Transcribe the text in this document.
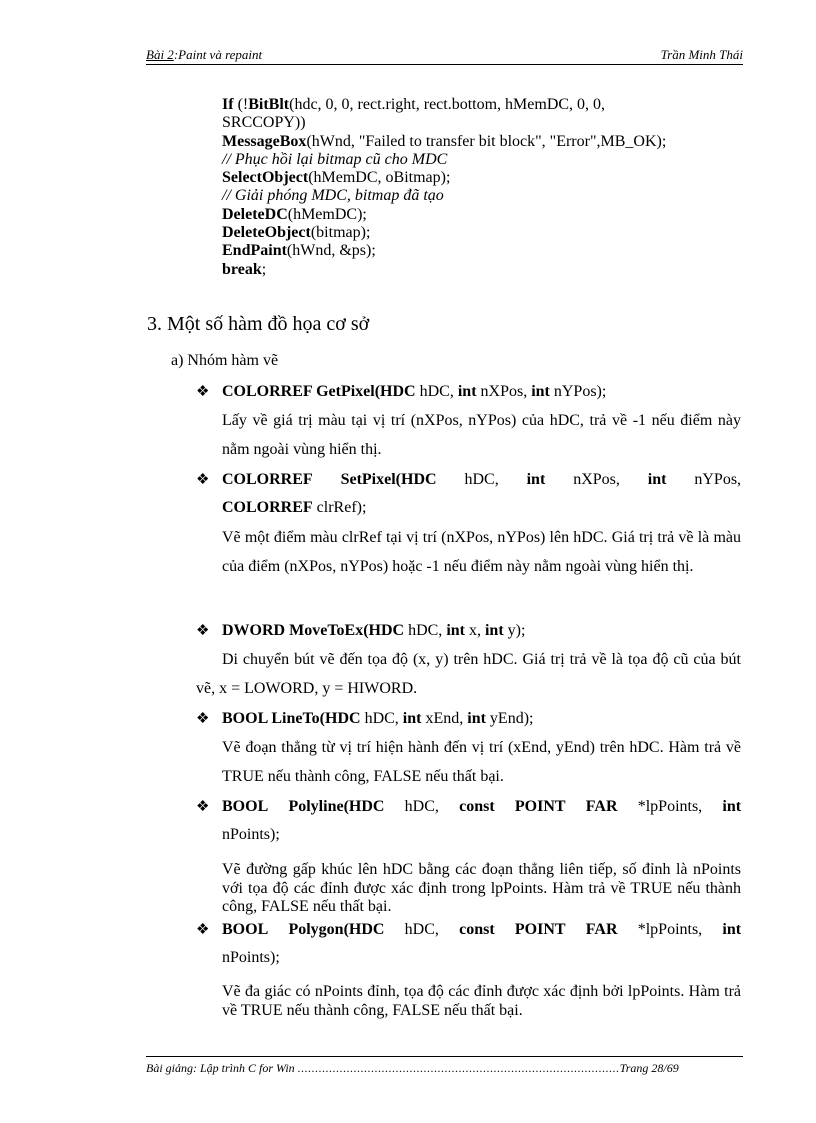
Bài 2:Paint và repaint	Trần Minh Thái
If (!BitBlt(hdc, 0, 0, rect.right, rect.bottom, hMemDC, 0, 0,
SRCCOPY))
MessageBox(hWnd, "Failed to transfer bit block", "Error",MB_OK);
// Phục hồi lại bitmap cũ cho MDC
SelectObject(hMemDC, oBitmap);
// Giải phóng MDC, bitmap đã tạo
DeleteDC(hMemDC);
DeleteObject(bitmap);
EndPaint(hWnd, &ps);
break;
3. Một số hàm đồ họa cơ sở
a) Nhóm hàm vẽ
❖ COLORREF GetPixel(HDC hDC, int nXPos, int nYPos);
Lấy về giá trị màu tại vị trí (nXPos, nYPos) của hDC, trả về -1 nếu điểm này nằm ngoài vùng hiển thị.
❖ COLORREF SetPixel(HDC hDC, int nXPos, int nYPos,
COLORREF clrRef);
Vẽ một điểm màu clrRef tại vị trí (nXPos, nYPos) lên hDC. Giá trị trả về là màu của điểm (nXPos, nYPos) hoặc -1 nếu điểm này nằm ngoài vùng hiển thị.
❖ DWORD MoveToEx(HDC hDC, int x, int y);
Di chuyển bút vẽ đến tọa độ (x, y) trên hDC. Giá trị trả về là tọa độ cũ của bút vẽ, x = LOWORD, y = HIWORD.
❖ BOOL LineTo(HDC hDC, int xEnd, int yEnd);
Vẽ đoạn thẳng từ vị trí hiện hành đến vị trí (xEnd, yEnd) trên hDC. Hàm trả về TRUE nếu thành công, FALSE nếu thất bại.
❖ BOOL Polyline(HDC hDC, const POINT FAR *lpPoints, int
nPoints);
Vẽ đường gấp khúc lên hDC bằng các đoạn thẳng liên tiếp, số đỉnh là nPoints với tọa độ các đỉnh được xác định trong lpPoints. Hàm trả về TRUE nếu thành công, FALSE nếu thất bại.
❖ BOOL Polygon(HDC hDC, const POINT FAR *lpPoints, int
nPoints);
Vẽ đa giác có nPoints đỉnh, tọa độ các đỉnh được xác định bởi lpPoints. Hàm trả về TRUE nếu thành công, FALSE nếu thất bại.
Bài giảng: Lập trình C for Win ............................................................................................Trang 28/69
